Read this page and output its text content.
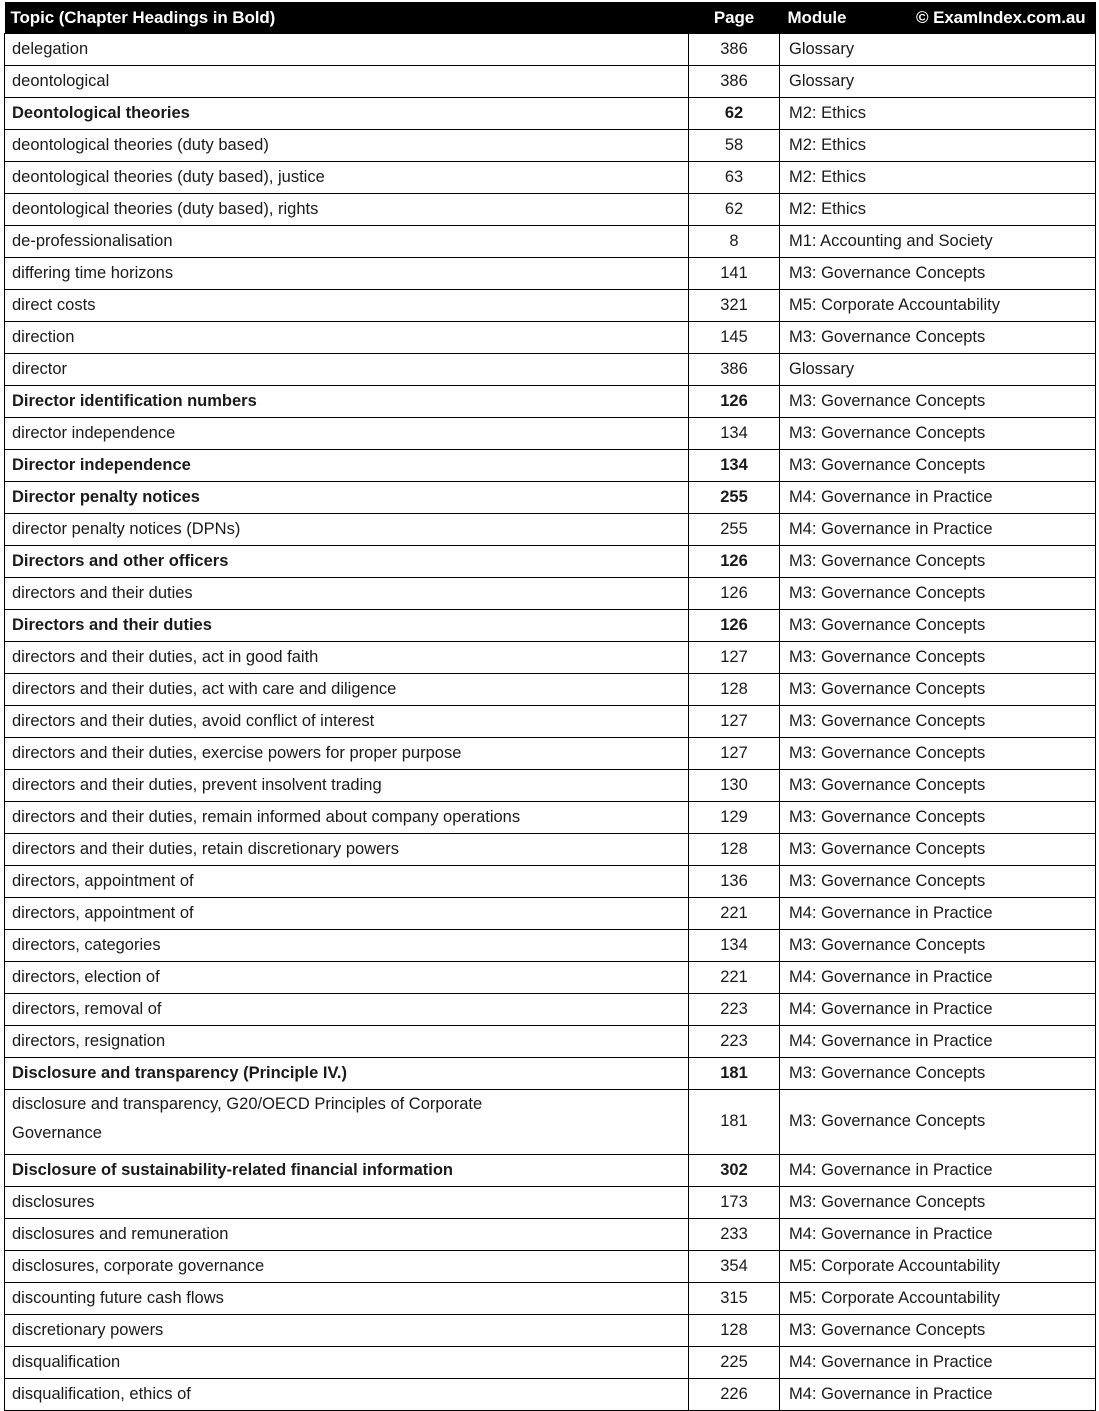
Topic (Chapter Headings in Bold)	Page	Module © ExamIndex.com.au

delegation	386	Glossary
deontological	386	Glossary
Deontological theories	62	M2: Ethics
deontological theories (duty based)	58	M2: Ethics
deontological theories (duty based), justice	63	M2: Ethics
deontological theories (duty based), rights	62	M2: Ethics
de-professionalisation	8	M1: Accounting and Society
differing time horizons	141	M3: Governance Concepts
direct costs	321	M5: Corporate Accountability
direction	145	M3: Governance Concepts
director	386	Glossary
Director identification numbers	126	M3: Governance Concepts
director independence	134	M3: Governance Concepts
Director independence	134	M3: Governance Concepts
Director penalty notices	255	M4: Governance in Practice
director penalty notices (DPNs)	255	M4: Governance in Practice
Directors and other officers	126	M3: Governance Concepts
directors and their duties	126	M3: Governance Concepts
Directors and their duties	126	M3: Governance Concepts
directors and their duties, act in good faith	127	M3: Governance Concepts
directors and their duties, act with care and diligence	128	M3: Governance Concepts
directors and their duties, avoid conflict of interest	127	M3: Governance Concepts
directors and their duties, exercise powers for proper purpose	127	M3: Governance Concepts
directors and their duties, prevent insolvent trading	130	M3: Governance Concepts
directors and their duties, remain informed about company operations	129	M3: Governance Concepts
directors and their duties, retain discretionary powers	128	M3: Governance Concepts
directors, appointment of	136	M3: Governance Concepts
directors, appointment of	221	M4: Governance in Practice
directors, categories	134	M3: Governance Concepts
directors, election of	221	M4: Governance in Practice
directors, removal of	223	M4: Governance in Practice
directors, resignation	223	M4: Governance in Practice
Disclosure and transparency (Principle IV.)	181	M3: Governance Concepts
disclosure and transparency, G20/OECD Principles of Corporate
Governance	181	M3: Governance Concepts
Disclosure of sustainability-related financial information	302	M4: Governance in Practice
disclosures	173	M3: Governance Concepts
disclosures and remuneration	233	M4: Governance in Practice
disclosures, corporate governance	354	M5: Corporate Accountability
discounting future cash flows	315	M5: Corporate Accountability
discretionary powers	128	M3: Governance Concepts
disqualification	225	M4: Governance in Practice
disqualification, ethics of	226	M4: Governance in Practice
